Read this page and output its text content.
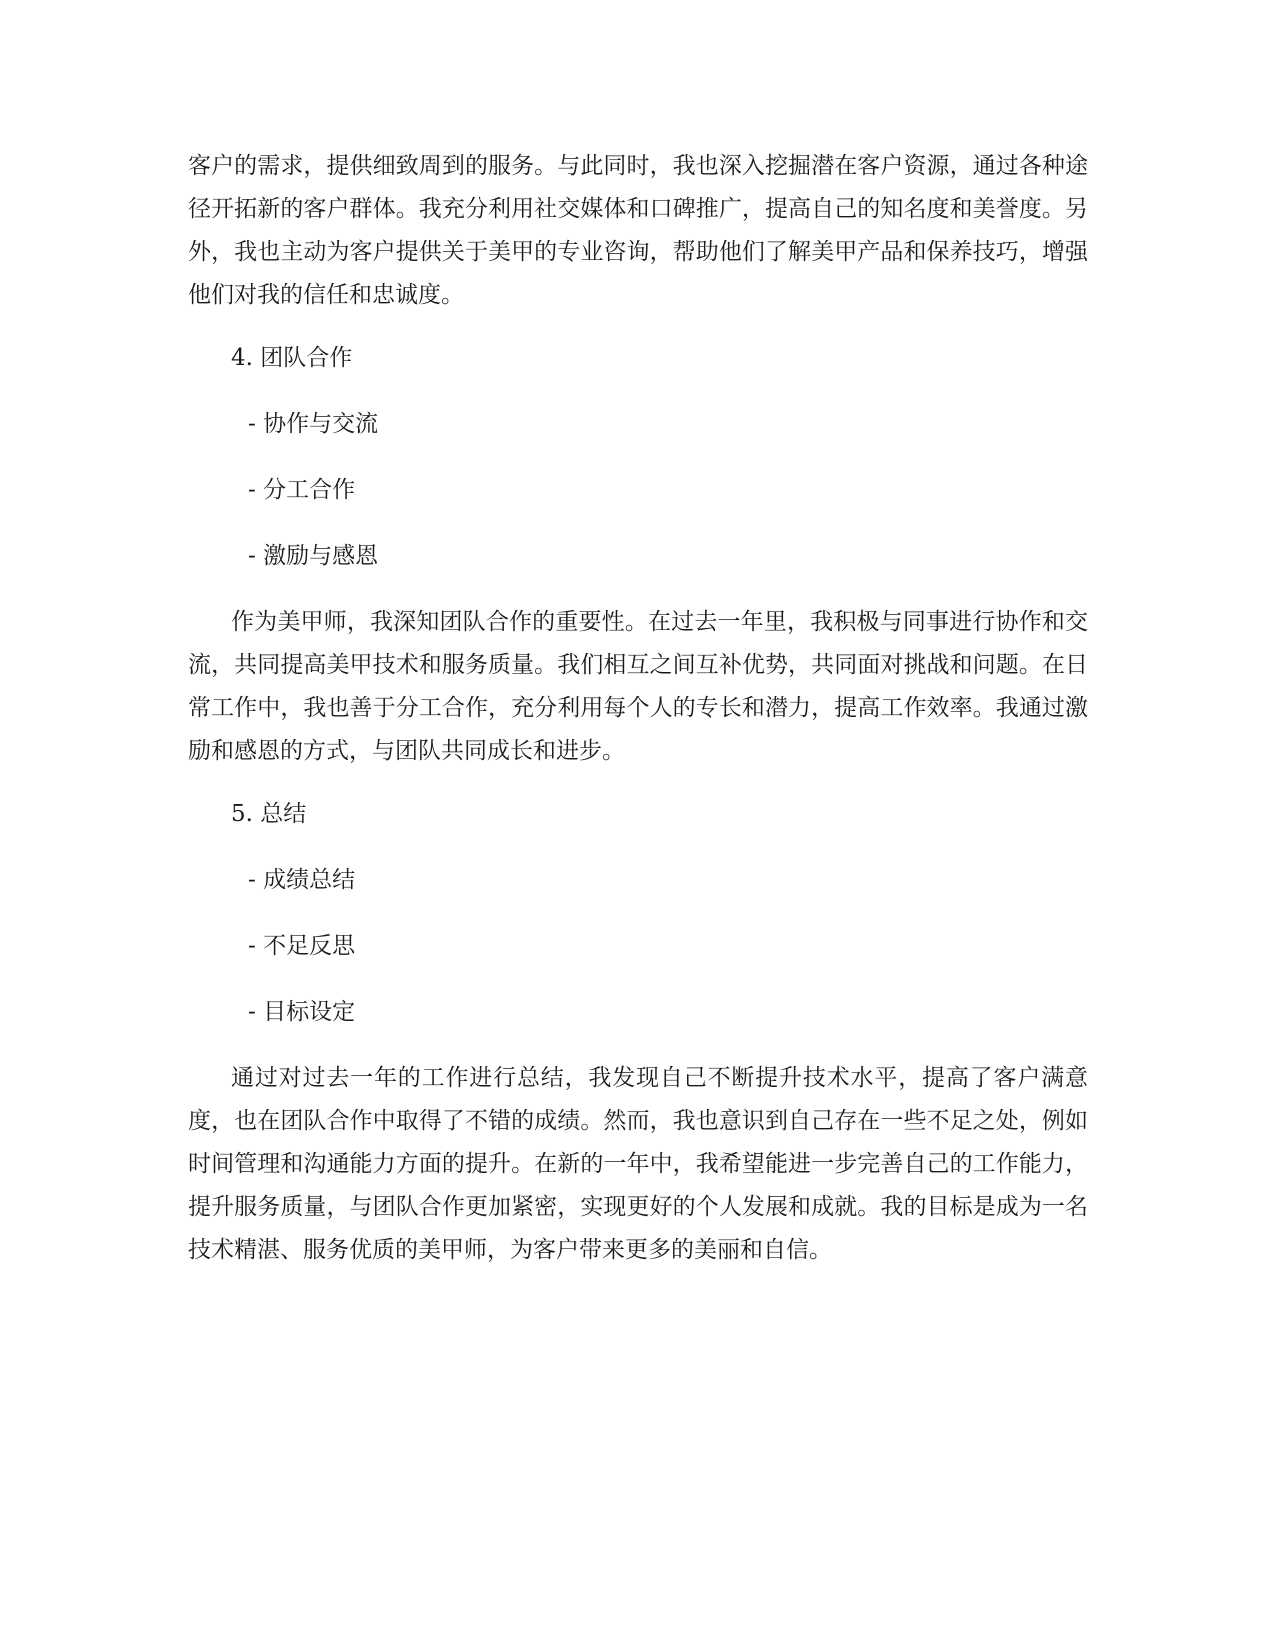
客户的需求，提供细致周到的服务。与此同时，我也深入挖掘潜在客户资源，通过各种途径开拓新的客户群体。我充分利用社交媒体和口碑推广，提高自己的知名度和美誉度。另外，我也主动为客户提供关于美甲的专业咨询，帮助他们了解美甲产品和保养技巧，增强他们对我的信任和忠诚度。

4. 团队合作

- 协作与交流

- 分工合作

- 激励与感恩

作为美甲师，我深知团队合作的重要性。在过去一年里，我积极与同事进行协作和交流，共同提高美甲技术和服务质量。我们相互之间互补优势，共同面对挑战和问题。在日常工作中，我也善于分工合作，充分利用每个人的专长和潜力，提高工作效率。我通过激励和感恩的方式，与团队共同成长和进步。

5. 总结

- 成绩总结

- 不足反思

- 目标设定

通过对过去一年的工作进行总结，我发现自己不断提升技术水平，提高了客户满意度，也在团队合作中取得了不错的成绩。然而，我也意识到自己存在一些不足之处，例如时间管理和沟通能力方面的提升。在新的一年中，我希望能进一步完善自己的工作能力，提升服务质量，与团队合作更加紧密，实现更好的个人发展和成就。我的目标是成为一名技术精湛、服务优质的美甲师，为客户带来更多的美丽和自信。
